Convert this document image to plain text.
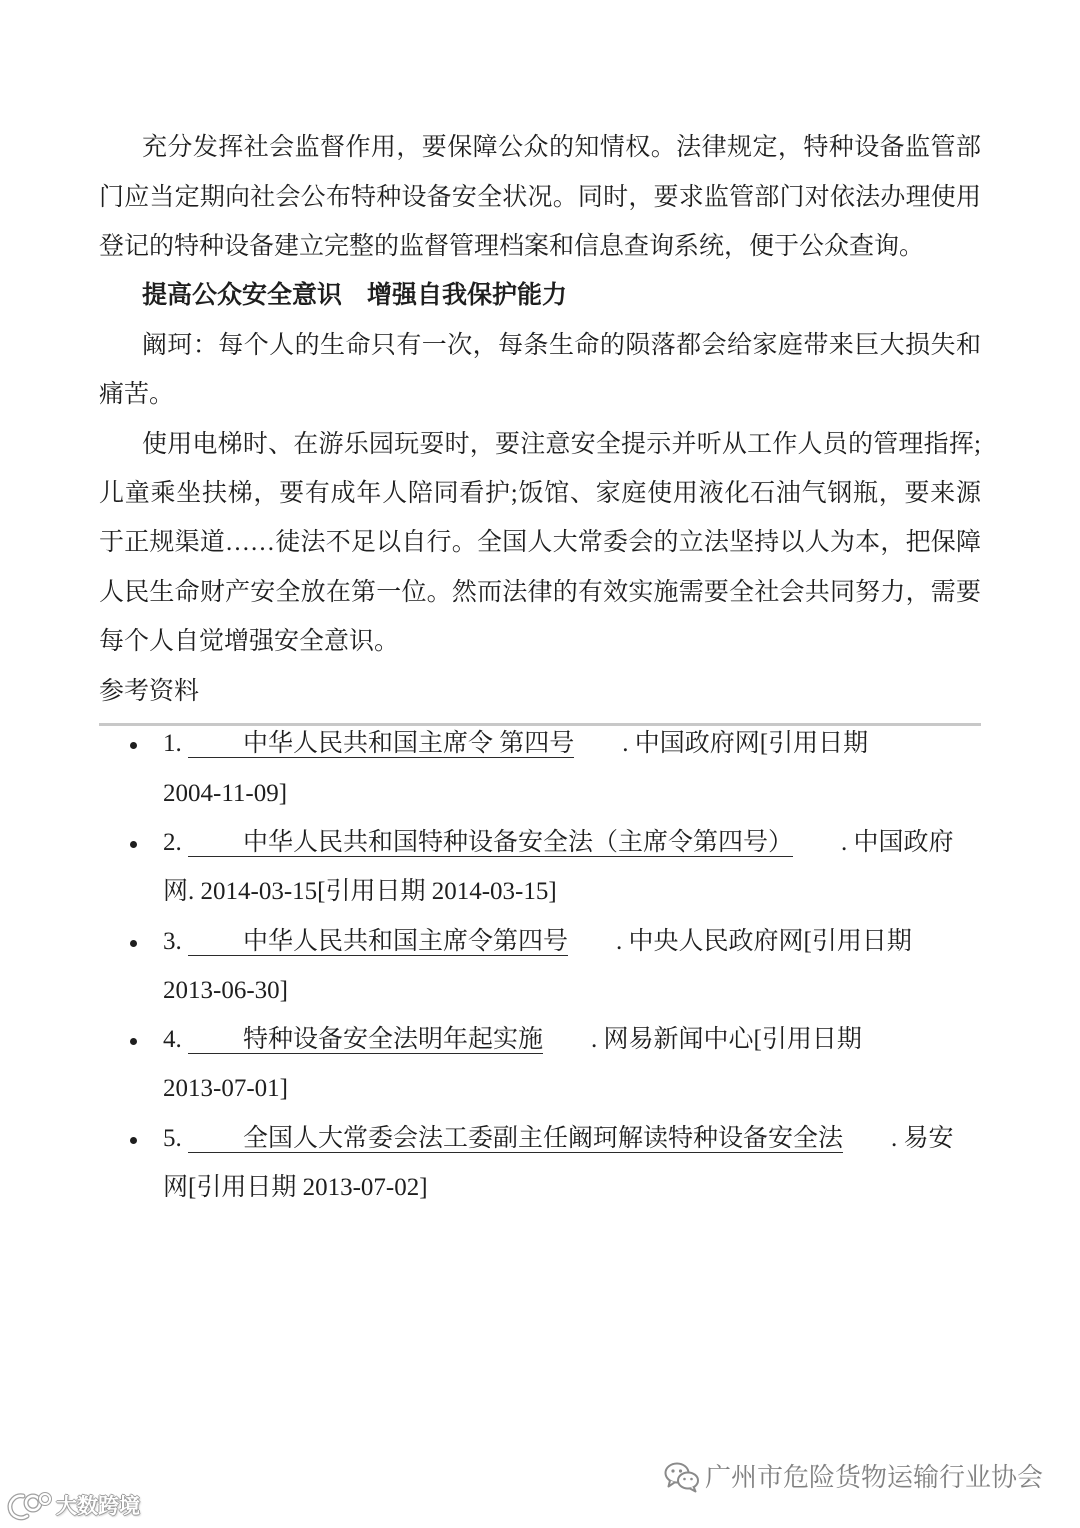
充分发挥社会监督作用，要保障公众的知情权。法律规定，特种设备监管部
门应当定期向社会公布特种设备安全状况。同时，要求监管部门对依法办理使用
登记的特种设备建立完整的监督管理档案和信息查询系统，便于公众查询。
提高公众安全意识　增强自我保护能力
阚珂：每个人的生命只有一次，每条生命的陨落都会给家庭带来巨大损失和
痛苦。
使用电梯时、在游乐园玩耍时，要注意安全提示并听从工作人员的管理指挥;
儿童乘坐扶梯，要有成年人陪同看护;饭馆、家庭使用液化石油气钢瓶，要来源
于正规渠道……徒法不足以自行。全国人大常委会的立法坚持以人为本，把保障
人民生命财产安全放在第一位。然而法律的有效实施需要全社会共同努力，需要
每个人自觉增强安全意识。
参考资料
1. 中华人民共和国主席令 第四号 . 中国政府网[引用日期
2004-11-09]
2. 中华人民共和国特种设备安全法（主席令第四号） . 中国政府
网. 2014-03-15[引用日期 2014-03-15]
3. 中华人民共和国主席令第四号 . 中央人民政府网[引用日期
2013-06-30]
4. 特种设备安全法明年起实施 . 网易新闻中心[引用日期
2013-07-01]
5. 全国人大常委会法工委副主任阚珂解读特种设备安全法 . 易安
网[引用日期 2013-07-02]
广州市危险货物运输行业协会
大数跨境
